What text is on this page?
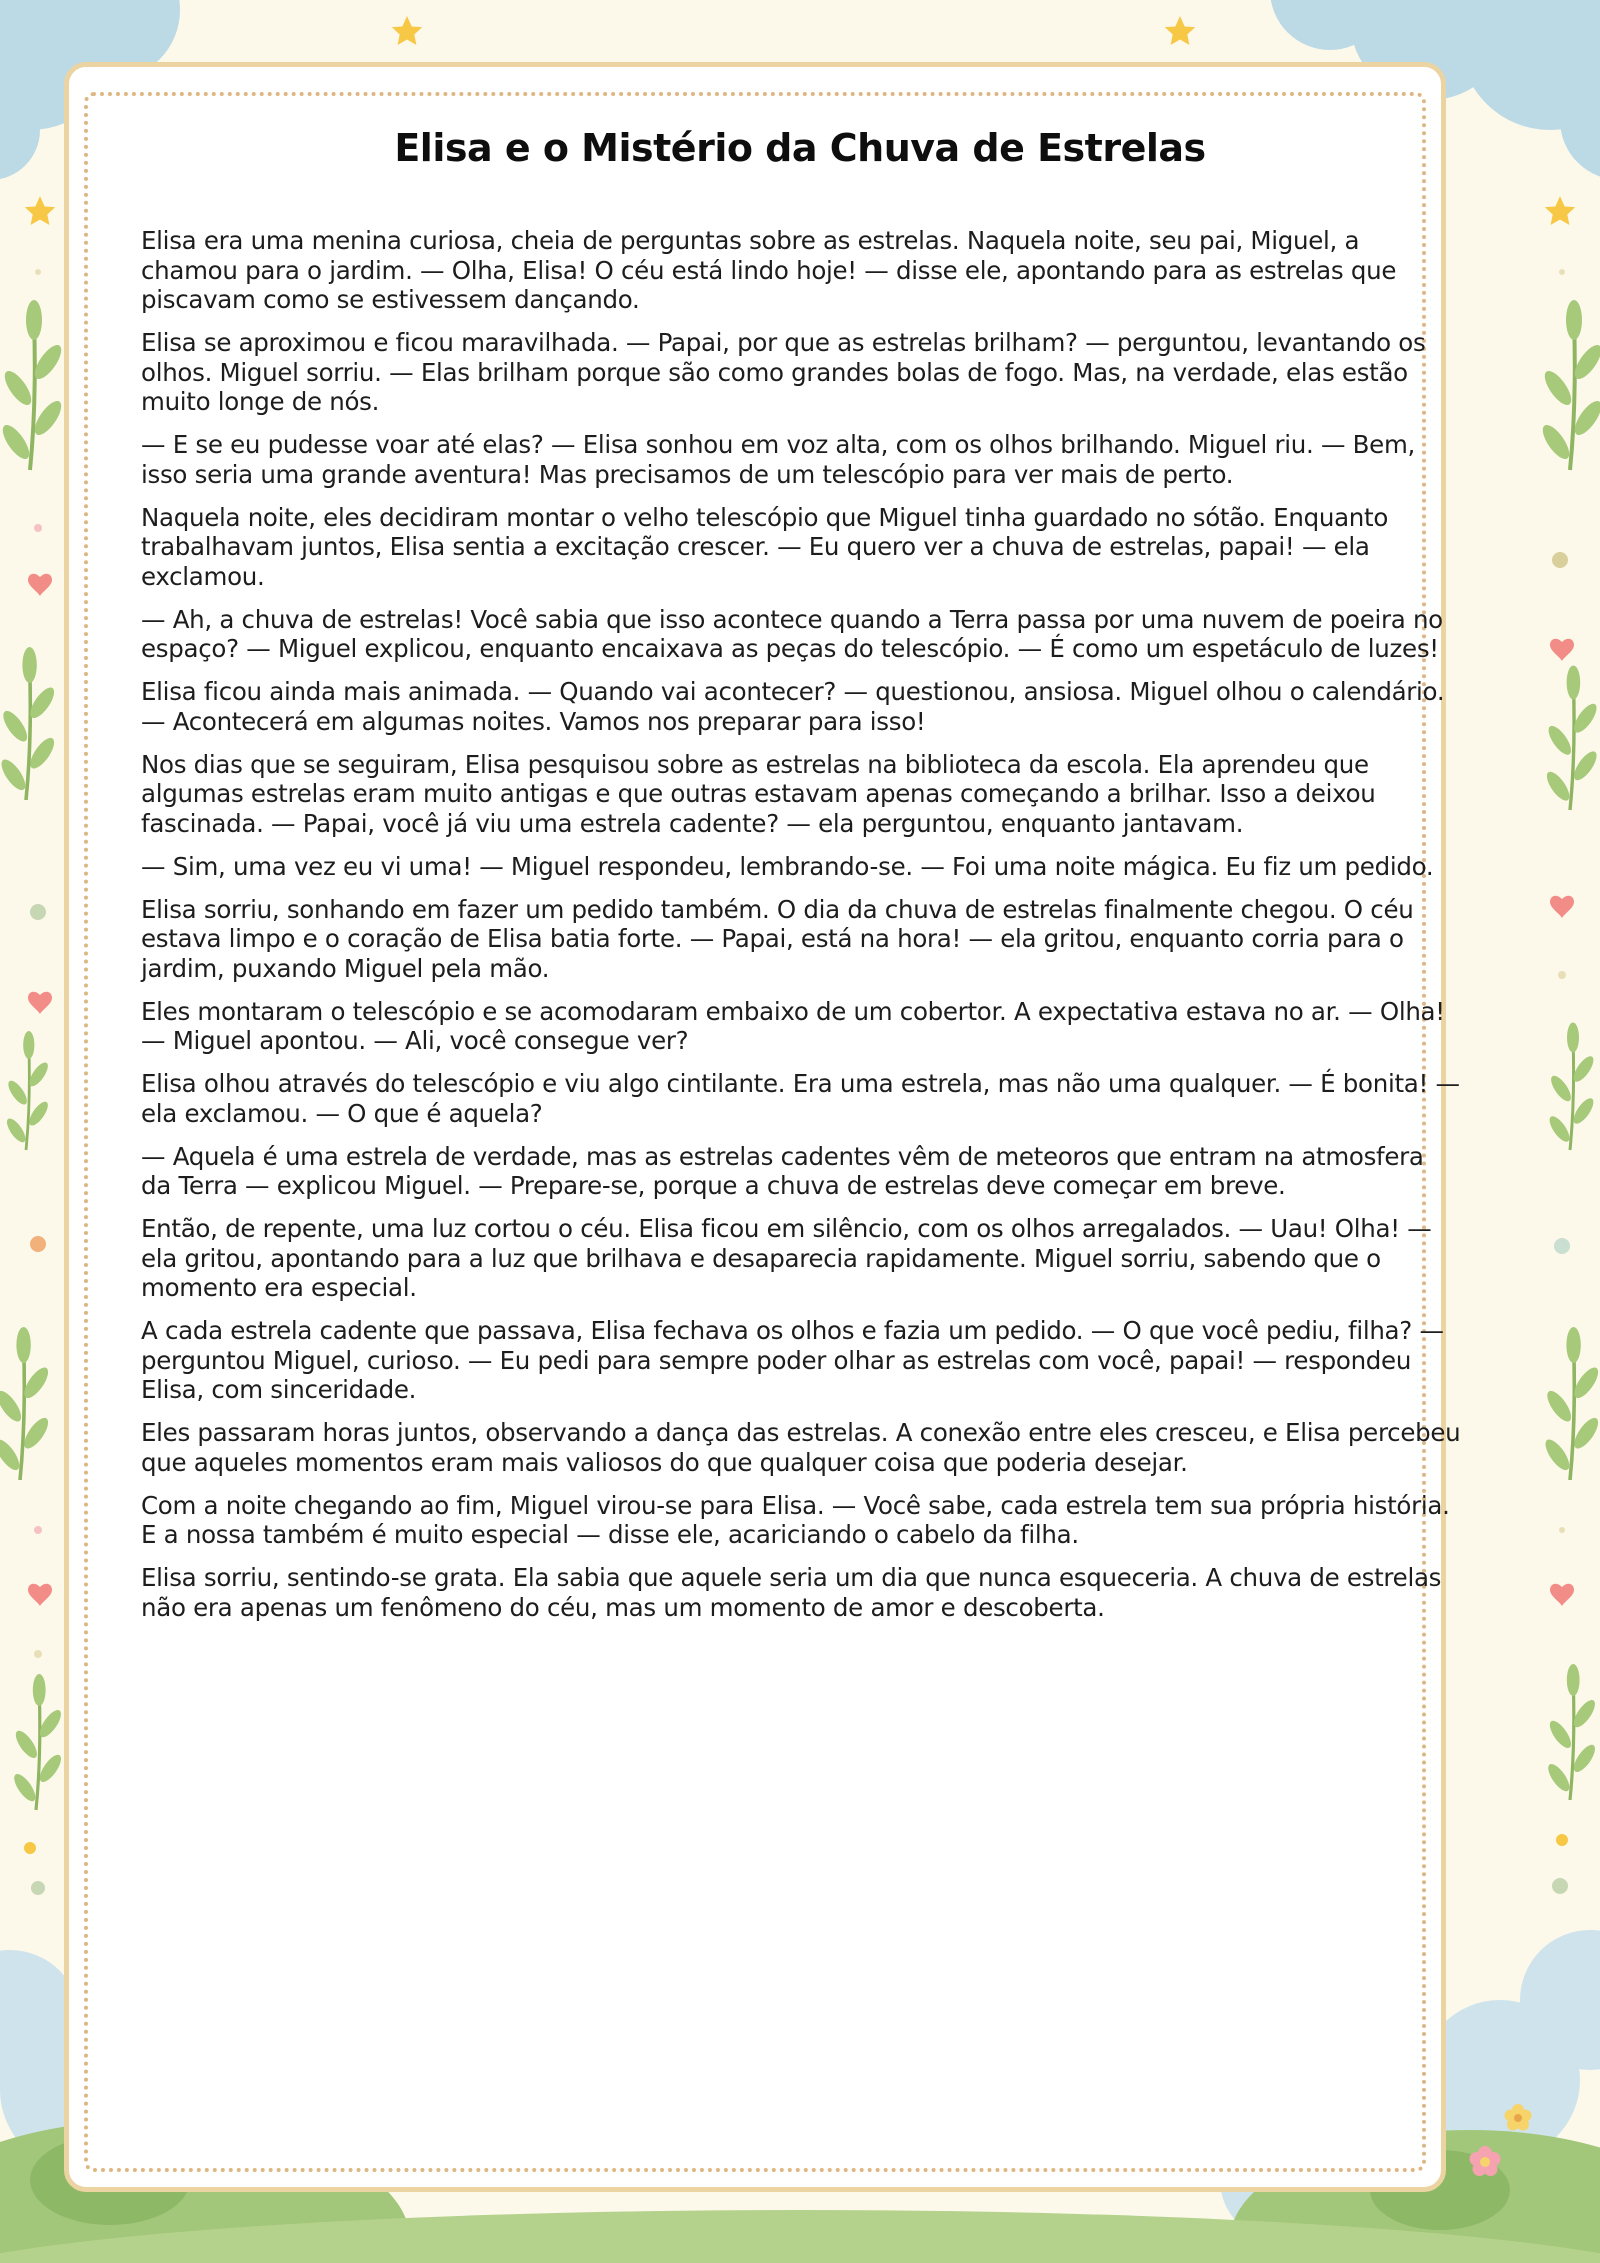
Elisa e o Mistério da Chuva de Estrelas

Elisa era uma menina curiosa, cheia de perguntas sobre as estrelas. Naquela noite, seu pai, Miguel, a chamou para o jardim. — Olha, Elisa! O céu está lindo hoje! — disse ele, apontando para as estrelas que piscavam como se estivessem dançando.

Elisa se aproximou e ficou maravilhada. — Papai, por que as estrelas brilham? — perguntou, levantando os olhos. Miguel sorriu. — Elas brilham porque são como grandes bolas de fogo. Mas, na verdade, elas estão muito longe de nós.

— E se eu pudesse voar até elas? — Elisa sonhou em voz alta, com os olhos brilhando. Miguel riu. — Bem, isso seria uma grande aventura! Mas precisamos de um telescópio para ver mais de perto.

Naquela noite, eles decidiram montar o velho telescópio que Miguel tinha guardado no sótão. Enquanto trabalhavam juntos, Elisa sentia a excitação crescer. — Eu quero ver a chuva de estrelas, papai! — ela exclamou.

— Ah, a chuva de estrelas! Você sabia que isso acontece quando a Terra passa por uma nuvem de poeira no espaço? — Miguel explicou, enquanto encaixava as peças do telescópio. — É como um espetáculo de luzes!

Elisa ficou ainda mais animada. — Quando vai acontecer? — questionou, ansiosa. Miguel olhou o calendário. — Acontecerá em algumas noites. Vamos nos preparar para isso!

Nos dias que se seguiram, Elisa pesquisou sobre as estrelas na biblioteca da escola. Ela aprendeu que algumas estrelas eram muito antigas e que outras estavam apenas começando a brilhar. Isso a deixou fascinada. — Papai, você já viu uma estrela cadente? — ela perguntou, enquanto jantavam.

— Sim, uma vez eu vi uma! — Miguel respondeu, lembrando-se. — Foi uma noite mágica. Eu fiz um pedido.

Elisa sorriu, sonhando em fazer um pedido também. O dia da chuva de estrelas finalmente chegou. O céu estava limpo e o coração de Elisa batia forte. — Papai, está na hora! — ela gritou, enquanto corria para o jardim, puxando Miguel pela mão.

Eles montaram o telescópio e se acomodaram embaixo de um cobertor. A expectativa estava no ar. — Olha! — Miguel apontou. — Ali, você consegue ver?

Elisa olhou através do telescópio e viu algo cintilante. Era uma estrela, mas não uma qualquer. — É bonita! — ela exclamou. — O que é aquela?

— Aquela é uma estrela de verdade, mas as estrelas cadentes vêm de meteoros que entram na atmosfera da Terra — explicou Miguel. — Prepare-se, porque a chuva de estrelas deve começar em breve.

Então, de repente, uma luz cortou o céu. Elisa ficou em silêncio, com os olhos arregalados. — Uau! Olha! — ela gritou, apontando para a luz que brilhava e desaparecia rapidamente. Miguel sorriu, sabendo que o momento era especial.

A cada estrela cadente que passava, Elisa fechava os olhos e fazia um pedido. — O que você pediu, filha? — perguntou Miguel, curioso. — Eu pedi para sempre poder olhar as estrelas com você, papai! — respondeu Elisa, com sinceridade.

Eles passaram horas juntos, observando a dança das estrelas. A conexão entre eles cresceu, e Elisa percebeu que aqueles momentos eram mais valiosos do que qualquer coisa que poderia desejar.

Com a noite chegando ao fim, Miguel virou-se para Elisa. — Você sabe, cada estrela tem sua própria história. E a nossa também é muito especial — disse ele, acariciando o cabelo da filha.

Elisa sorriu, sentindo-se grata. Ela sabia que aquele seria um dia que nunca esqueceria. A chuva de estrelas não era apenas um fenômeno do céu, mas um momento de amor e descoberta.
